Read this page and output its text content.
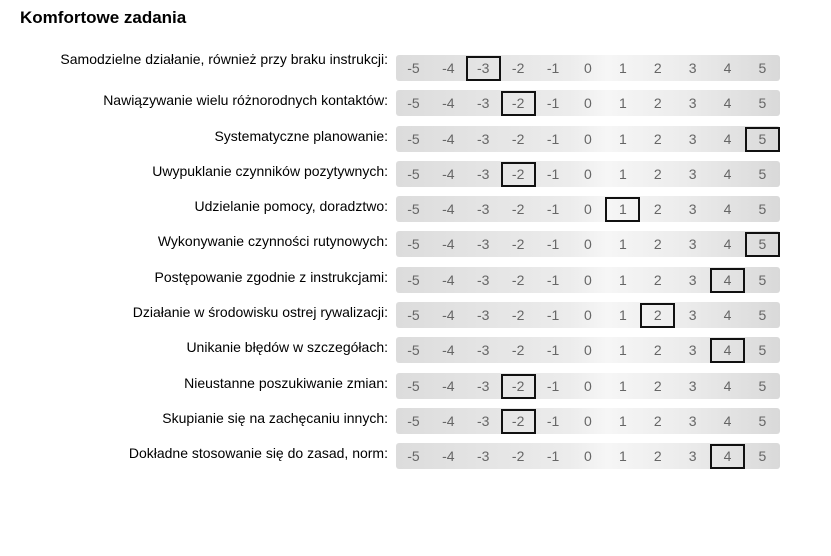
Komfortowe zadania
Samodzielne działanie, również przy braku instrukcji:
-5	-4	-3	-2	-1	0	1	2	3	4	5
Nawiązywanie wielu różnorodnych kontaktów:	-5	-4	-3	-2	-1	0	1	2	3	4	5
Systematyczne planowanie:	-5	-4	-3	-2	-1	0	1	2	3	4	5
Uwypuklanie czynników pozytywnych:	-5	-4	-3	-2	-1	0	1	2	3	4	5
Udzielanie pomocy, doradztwo:	-5	-4	-3	-2	-1	0	1	2	3	4	5
Wykonywanie czynności rutynowych:	-5	-4	-3	-2	-1	0	1	2	3	4	5
Postępowanie zgodnie z instrukcjami:	-5	-4	-3	-2	-1	0	1	2	3	4	5
Działanie w środowisku ostrej rywalizacji:	-5	-4	-3	-2	-1	0	1	2	3	4	5
Unikanie błędów w szczegółach:	-5	-4	-3	-2	-1	0	1	2	3	4	5
Nieustanne poszukiwanie zmian:	-5	-4	-3	-2	-1	0	1	2	3	4	5
Skupianie się na zachęcaniu innych:	-5	-4	-3	-2	-1	0	1	2	3	4	5
Dokładne stosowanie się do zasad, norm:	-5	-4	-3	-2	-1	0	1	2	3	4	5
